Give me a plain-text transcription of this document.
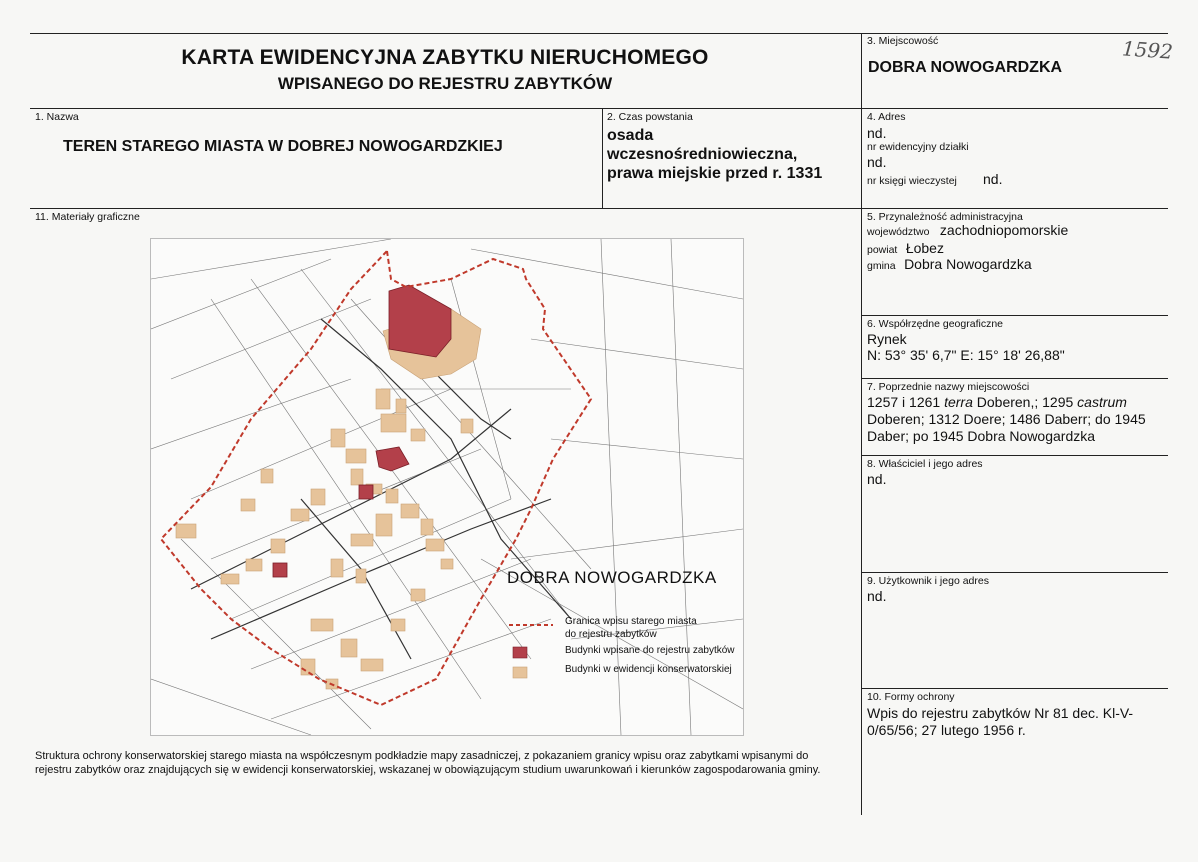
KARTA EWIDENCYJNA ZABYTKU NIERUCHOMEGO
WPISANEGO DO REJESTRU ZABYTKÓW
3. Miejscowość
DOBRA NOWOGARDZKA
1592
1. Nazwa
TEREN STAREGO MIASTA W DOBREJ NOWOGARDZKIEJ
2. Czas powstania
osada
wczesnośredniowieczna,
prawa miejskie przed r. 1331
4. Adres
nd.
nr ewidencyjny działki
nd.
nr księgi wieczystej nd.
11. Materiały graficzne	5. Przynależność administracyjna
województwo zachodniopomorskie
powiat Łobez
gmina Dobra Nowogardzka
6. Współrzędne geograficzne
Rynek
N: 53° 35' 6,7" E: 15° 18' 26,88"
7. Poprzednie nazwy miejscowości
1257 i 1261 terra Doberen,; 1295 castrum
Doberen; 1312 Doere; 1486 Daberr; do 1945
Daber; po 1945 Dobra Nowogardzka
8. Właściciel i jego adres
nd.
9. Użytkownik i jego adres
nd.
10. Formy ochrony
Wpis do rejestru zabytków Nr 81 dec. Kl-V-
0/65/56; 27 lutego 1956 r.
DOBRA NOWOGARDZKA
Granica wpisu starego miasta
do rejestru zabytków
Budynki wpisane do rejestru zabytków
Budynki w ewidencji konserwatorskiej
Struktura ochrony konserwatorskiej starego miasta na współczesnym podkładzie mapy zasadniczej, z pokazaniem granicy wpisu oraz zabytkami wpisanymi do
rejestru zabytków oraz znajdujących się w ewidencji konserwatorskiej, wskazanej w obowiązującym studium uwarunkowań i kierunków zagospodarowania gminy.
